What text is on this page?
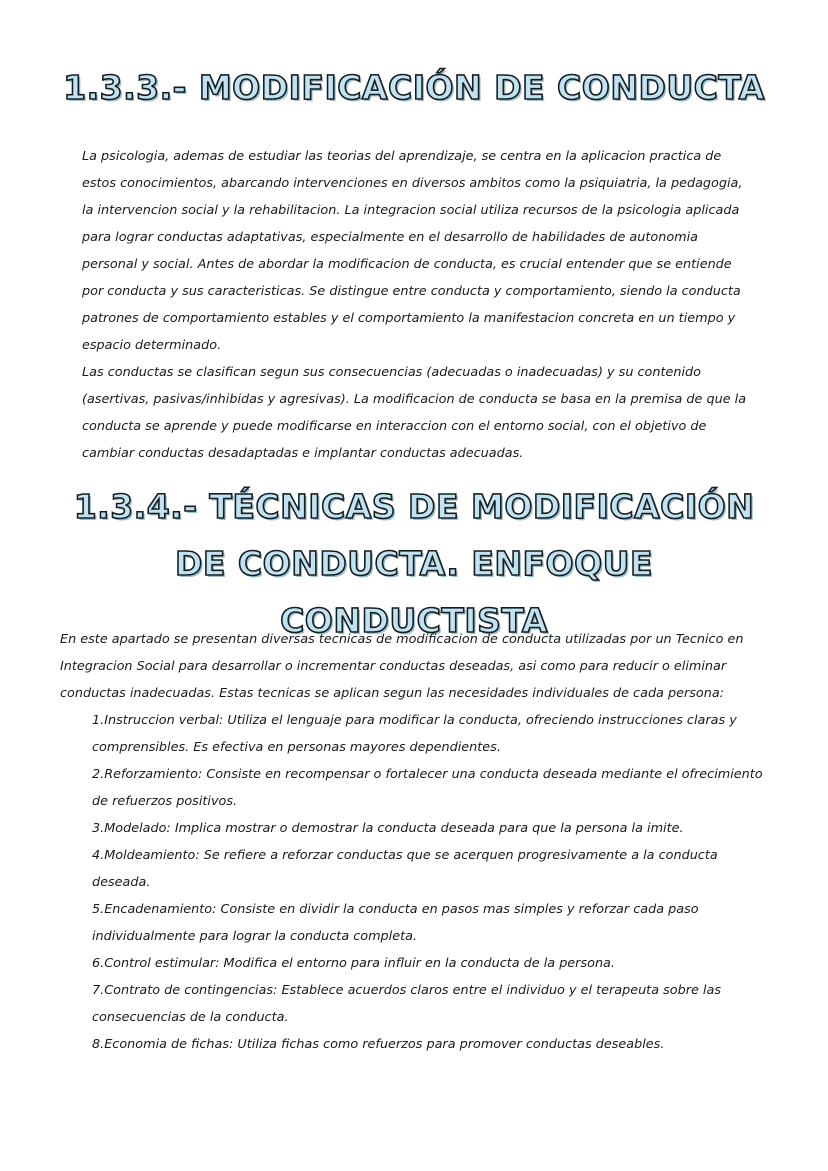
1.3.3.- MODIFICACIÓN DE CONDUCTA

La psicologia, ademas de estudiar las teorias del aprendizaje, se centra en la aplicacion practica de estos conocimientos, abarcando intervenciones en diversos ambitos como la psiquiatria, la pedagogia, la intervencion social y la rehabilitacion. La integracion social utiliza recursos de la psicologia aplicada para lograr conductas adaptativas, especialmente en el desarrollo de habilidades de autonomia personal y social. Antes de abordar la modificacion de conducta, es crucial entender que se entiende por conducta y sus caracteristicas. Se distingue entre conducta y comportamiento, siendo la conducta patrones de comportamiento estables y el comportamiento la manifestacion concreta en un tiempo y espacio determinado.

Las conductas se clasifican segun sus consecuencias (adecuadas o inadecuadas) y su contenido (asertivas, pasivas/inhibidas y agresivas). La modificacion de conducta se basa en la premisa de que la conducta se aprende y puede modificarse en interaccion con el entorno social, con el objetivo de cambiar conductas desadaptadas e implantar conductas adecuadas.

1.3.4.- TÉCNICAS DE MODIFICACIÓN DE CONDUCTA. ENFOQUE CONDUCTISTA

En este apartado se presentan diversas tecnicas de modificacion de conducta utilizadas por un Tecnico en Integracion Social para desarrollar o incrementar conductas deseadas, asi como para reducir o eliminar conductas inadecuadas. Estas tecnicas se aplican segun las necesidades individuales de cada persona:

1.Instruccion verbal: Utiliza el lenguaje para modificar la conducta, ofreciendo instrucciones claras y comprensibles. Es efectiva en personas mayores dependientes.
2.Reforzamiento: Consiste en recompensar o fortalecer una conducta deseada mediante el ofrecimiento de refuerzos positivos.
3.Modelado: Implica mostrar o demostrar la conducta deseada para que la persona la imite.
4.Moldeamiento: Se refiere a reforzar conductas que se acerquen progresivamente a la conducta deseada.
5.Encadenamiento: Consiste en dividir la conducta en pasos mas simples y reforzar cada paso individualmente para lograr la conducta completa.
6.Control estimular: Modifica el entorno para influir en la conducta de la persona.
7.Contrato de contingencias: Establece acuerdos claros entre el individuo y el terapeuta sobre las consecuencias de la conducta.
8.Economia de fichas: Utiliza fichas como refuerzos para promover conductas deseables.
